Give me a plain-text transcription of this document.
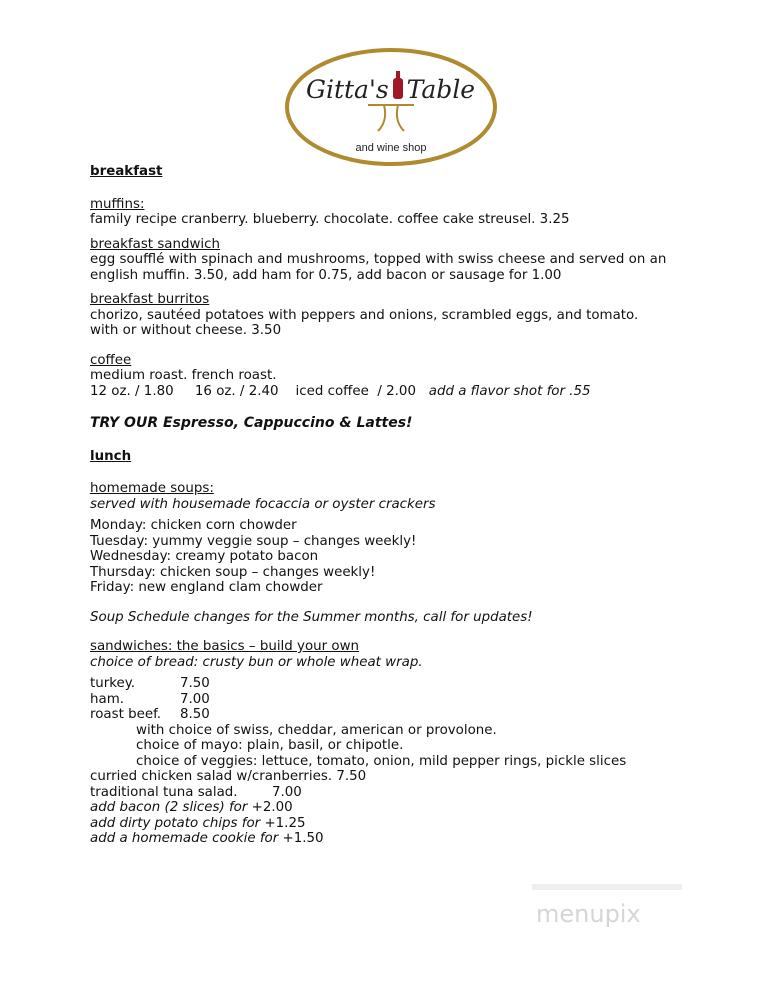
Gitta's Table
and wine shop
breakfast
muffins:
family recipe cranberry. blueberry. chocolate. coffee cake streusel. 3.25
breakfast sandwich
egg soufflé with spinach and mushrooms, topped with swiss cheese and served on an
english muffin. 3.50, add ham for 0.75, add bacon or sausage for 1.00
breakfast burritos
chorizo, sautéed potatoes with peppers and onions, scrambled eggs, and tomato.
with or without cheese. 3.50
coffee
medium roast. french roast.
12 oz. / 1.80     16 oz. / 2.40    iced coffee  / 2.00 add a flavor shot for .55
TRY OUR Espresso, Cappuccino & Lattes!
lunch
homemade soups:
served with housemade focaccia or oyster crackers
Monday: chicken corn chowder
Tuesday: yummy veggie soup – changes weekly!
Wednesday: creamy potato bacon
Thursday: chicken soup – changes weekly!
Friday: new england clam chowder
Soup Schedule changes for the Summer months, call for updates!
sandwiches: the basics – build your own
choice of bread: crusty bun or whole wheat wrap.
turkey.	7.50
ham.	7.00
roast beef.	8.50
with choice of swiss, cheddar, american or provolone.
choice of mayo: plain, basil, or chipotle.
choice of veggies: lettuce, tomato, onion, mild pepper rings, pickle slices
curried chicken salad w/cranberries. 7.50
traditional tuna salad.	7.00
add bacon (2 slices) for +2.00
add dirty potato chips for +1.25
add a homemade cookie for +1.50
menupix
